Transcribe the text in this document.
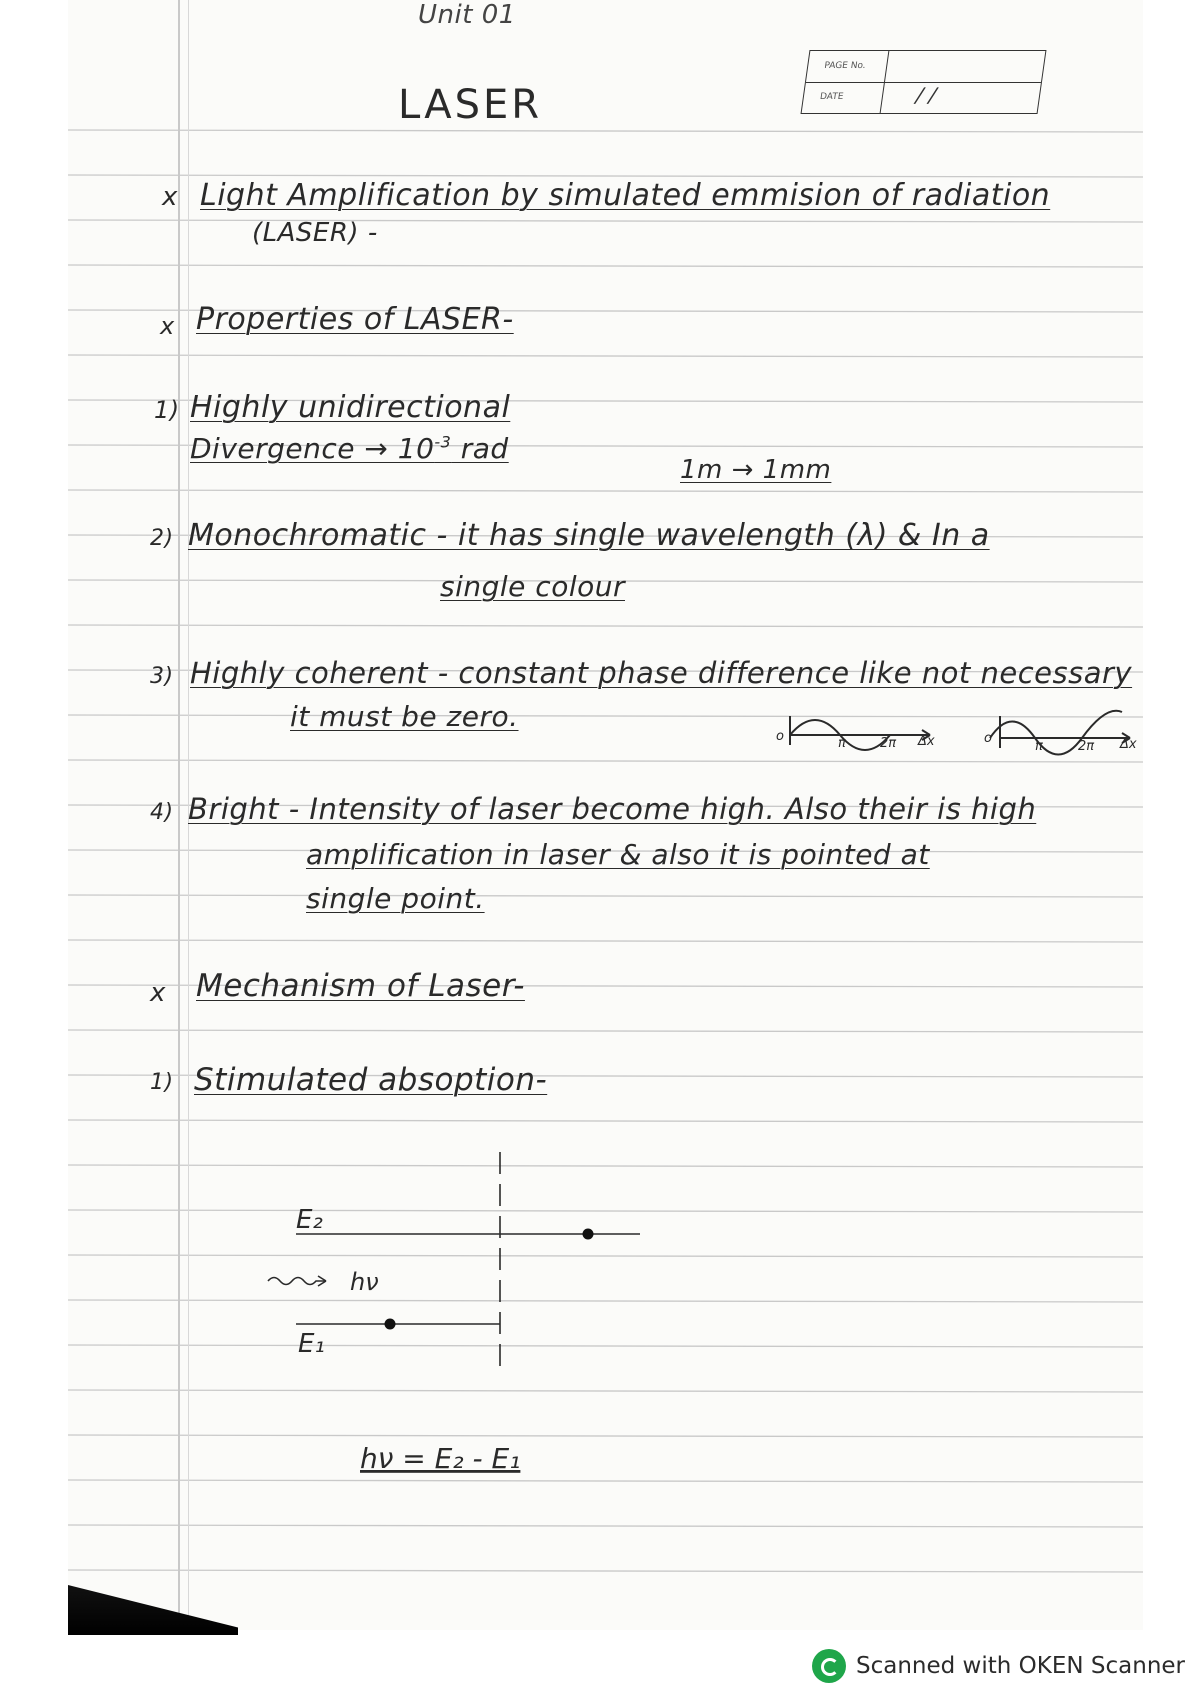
Unit 01
LASER
PAGE No.
DATE	/ /
x Light Amplification by simulated emmision of radiation
(LASER) -
x Properties of LASER-
1) Highly unidirectional
Divergence → $10^{-3}$ rad
1m → 1mm
2) Monochromatic - it has single wavelength (λ) & In a
single colour
3) Highly coherent - constant phase difference like not necessary
it must be zero.
o	π	2π Δx	o
π	2π Δx
4) Bright - Intensity of laser become high. Also their is high
amplification in laser & also it is pointed at
single point.
x Mechanism of Laser-
1) Stimulated absoption-
E₂
hν
E₁
hν = E₂ - E₁
Scanned with OKEN Scanner
